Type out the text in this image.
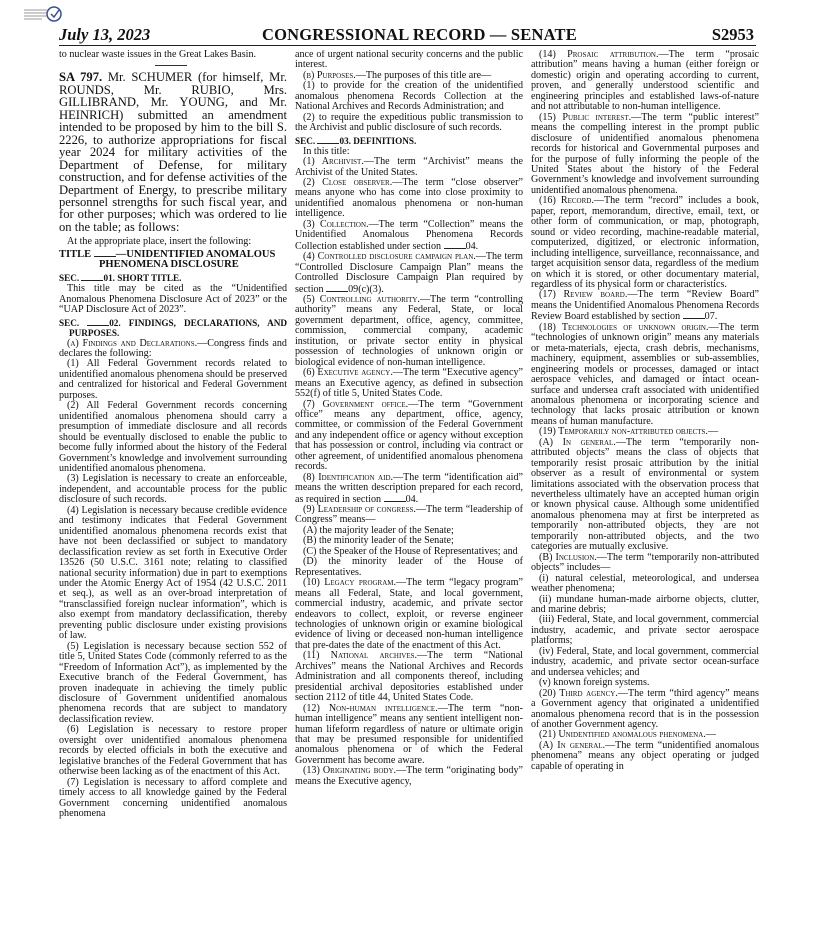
July 13, 2023	CONGRESSIONAL RECORD — SENATE	S2953

to nuclear waste issues in the Great Lakes Basin.

SA 797. Mr. SCHUMER (for himself, Mr. ROUNDS, Mr. RUBIO, Mrs. GILLIBRAND, Mr. YOUNG, and Mr. HEINRICH) submitted an amendment intended to be proposed by him to the bill S. 2226, to authorize appropriations for fiscal year 2024 for military activities of the Department of Defense, for military construction, and for defense activities of the Department of Energy, to prescribe military personnel strengths for such fiscal year, and for other purposes; which was ordered to lie on the table; as follows:

At the appropriate place, insert the following:

TITLE —UNIDENTIFIED ANOMALOUS PHENOMENA DISCLOSURE

SEC. 01. SHORT TITLE.

This title may be cited as the “Unidentified Anomalous Phenomena Disclosure Act of 2023” or the “UAP Disclosure Act of 2023”.

SEC. 02. FINDINGS, DECLARATIONS, AND PURPOSES.

(a) Findings and Declarations.—Congress finds and declares the following:

(1) All Federal Government records related to unidentified anomalous phenomena should be preserved and centralized for historical and Federal Government purposes.

(2) All Federal Government records concerning unidentified anomalous phenomena should carry a presumption of immediate disclosure and all records should be eventually disclosed to enable the public to become fully informed about the history of the Federal Government’s knowledge and involvement surrounding unidentified anomalous phenomena.

(3) Legislation is necessary to create an enforceable, independent, and accountable process for the public disclosure of such records.

(4) Legislation is necessary because credible evidence and testimony indicates that Federal Government unidentified anomalous phenomena records exist that have not been declassified or subject to mandatory declassification review as set forth in Executive Order 13526 (50 U.S.C. 3161 note; relating to classified national security information) due in part to exemptions under the Atomic Energy Act of 1954 (42 U.S.C. 2011 et seq.), as well as an over-broad interpretation of “transclassified foreign nuclear information”, which is also exempt from mandatory declassification, thereby preventing public disclosure under existing provisions of law.

(5) Legislation is necessary because section 552 of title 5, United States Code (commonly referred to as the “Freedom of Information Act”), as implemented by the Executive branch of the Federal Government, has proven inadequate in achieving the timely public disclosure of Government unidentified anomalous phenomena records that are subject to mandatory declassification review.

(6) Legislation is necessary to restore proper oversight over unidentified anomalous phenomena records by elected officials in both the executive and legislative branches of the Federal Government that has otherwise been lacking as of the enactment of this Act.

(7) Legislation is necessary to afford complete and timely access to all knowledge gained by the Federal Government concerning unidentified anomalous phenomena

ance of urgent national security concerns and the public interest.

(b) Purposes.—The purposes of this title are—

(1) to provide for the creation of the unidentified anomalous phenomena Records Collection at the National Archives and Records Administration; and

(2) to require the expeditious public transmission to the Archivist and public disclosure of such records.

SEC. 03. DEFINITIONS.

In this title:

(1) Archivist.—The term “Archivist” means the Archivist of the United States.

(2) Close observer.—The term “close observer” means anyone who has come into close proximity to unidentified anomalous phenomena or non-human intelligence.

(3) Collection.—The term “Collection” means the Unidentified Anomalous Phenomena Records Collection established under section 04.

(4) Controlled disclosure campaign plan.—The term “Controlled Disclosure Campaign Plan” means the Controlled Disclosure Campaign Plan required by section 09(c)(3).

(5) Controlling authority.—The term “controlling authority” means any Federal, State, or local government department, office, agency, committee, commission, commercial company, academic institution, or private sector entity in physical possession of technologies of unknown origin or biological evidence of non-human intelligence.

(6) Executive agency.—The term “Executive agency” means an Executive agency, as defined in subsection 552(f) of title 5, United States Code.

(7) Government office.—The term “Government office” means any department, office, agency, committee, or commission of the Federal Government and any independent office or agency without exception that has possession or control, including via contract or other agreement, of unidentified anomalous phenomena records.

(8) Identification aid.—The term “identification aid” means the written description prepared for each record, as required in section 04.

(9) Leadership of congress.—The term “leadership of Congress” means—

(A) the majority leader of the Senate;

(B) the minority leader of the Senate;

(C) the Speaker of the House of Representatives; and

(D) the minority leader of the House of Representatives.

(10) Legacy program.—The term “legacy program” means all Federal, State, and local government, commercial industry, academic, and private sector endeavors to collect, exploit, or reverse engineer technologies of unknown origin or examine biological evidence of living or deceased non-human intelligence that pre-dates the date of the enactment of this Act.

(11) National archives.—The term “National Archives” means the National Archives and Records Administration and all components thereof, including presidential archival depositories established under section 2112 of title 44, United States Code.

(12) Non-human intelligence.—The term “non-human intelligence” means any sentient intelligent non-human lifeform regardless of nature or ultimate origin that may be presumed responsible for unidentified anomalous phenomena or of which the Federal Government has become aware.

(13) Originating body.—The term “originating body” means the Executive agency,

(14) Prosaic attribution.—The term “prosaic attribution” means having a human (either foreign or domestic) origin and operating according to current, proven, and generally understood scientific and engineering principles and established laws-of-nature and not attributable to non-human intelligence.

(15) Public interest.—The term “public interest” means the compelling interest in the prompt public disclosure of unidentified anomalous phenomena records for historical and Governmental purposes and for the purpose of fully informing the people of the United States about the history of the Federal Government’s knowledge and involvement surrounding unidentified anomalous phenomena.

(16) Record.—The term “record” includes a book, paper, report, memorandum, directive, email, text, or other form of communication, or map, photograph, sound or video recording, machine-readable material, computerized, digitized, or electronic information, including intelligence, surveillance, reconnaissance, and target acquisition sensor data, regardless of the medium on which it is stored, or other documentary material, regardless of its physical form or characteristics.

(17) Review board.—The term “Review Board” means the Unidentified Anomalous Phenomena Records Review Board established by section 07.

(18) Technologies of unknown origin.—The term “technologies of unknown origin” means any materials or meta-materials, ejecta, crash debris, mechanisms, machinery, equipment, assemblies or sub-assemblies, engineering models or processes, damaged or intact aerospace vehicles, and damaged or intact ocean-surface and undersea craft associated with unidentified anomalous phenomena or incorporating science and technology that lacks prosaic attribution or known means of human manufacture.

(19) Temporarily non-attributed objects.—

(A) In general.—The term “temporarily non-attributed objects” means the class of objects that temporarily resist prosaic attribution by the initial observer as a result of environmental or system limitations associated with the observation process that nevertheless ultimately have an accepted human origin or known physical cause. Although some unidentified anomalous phenomena may at first be interpreted as temporarily non-attributed objects, they are not temporarily non-attributed objects, and the two categories are mutually exclusive.

(B) Inclusion.—The term “temporarily non-attributed objects” includes—

(i) natural celestial, meteorological, and undersea weather phenomena;

(ii) mundane human-made airborne objects, clutter, and marine debris;

(iii) Federal, State, and local government, commercial industry, academic, and private sector aerospace platforms;

(iv) Federal, State, and local government, commercial industry, academic, and private sector ocean-surface and undersea vehicles; and

(v) known foreign systems.

(20) Third agency.—The term “third agency” means a Government agency that originated a unidentified anomalous phenomena record that is in the possession of another Government agency.

(21) Unidentified anomalous phenomena.—

(A) In general.—The term “unidentified anomalous phenomena” means any object operating or judged capable of operating in
